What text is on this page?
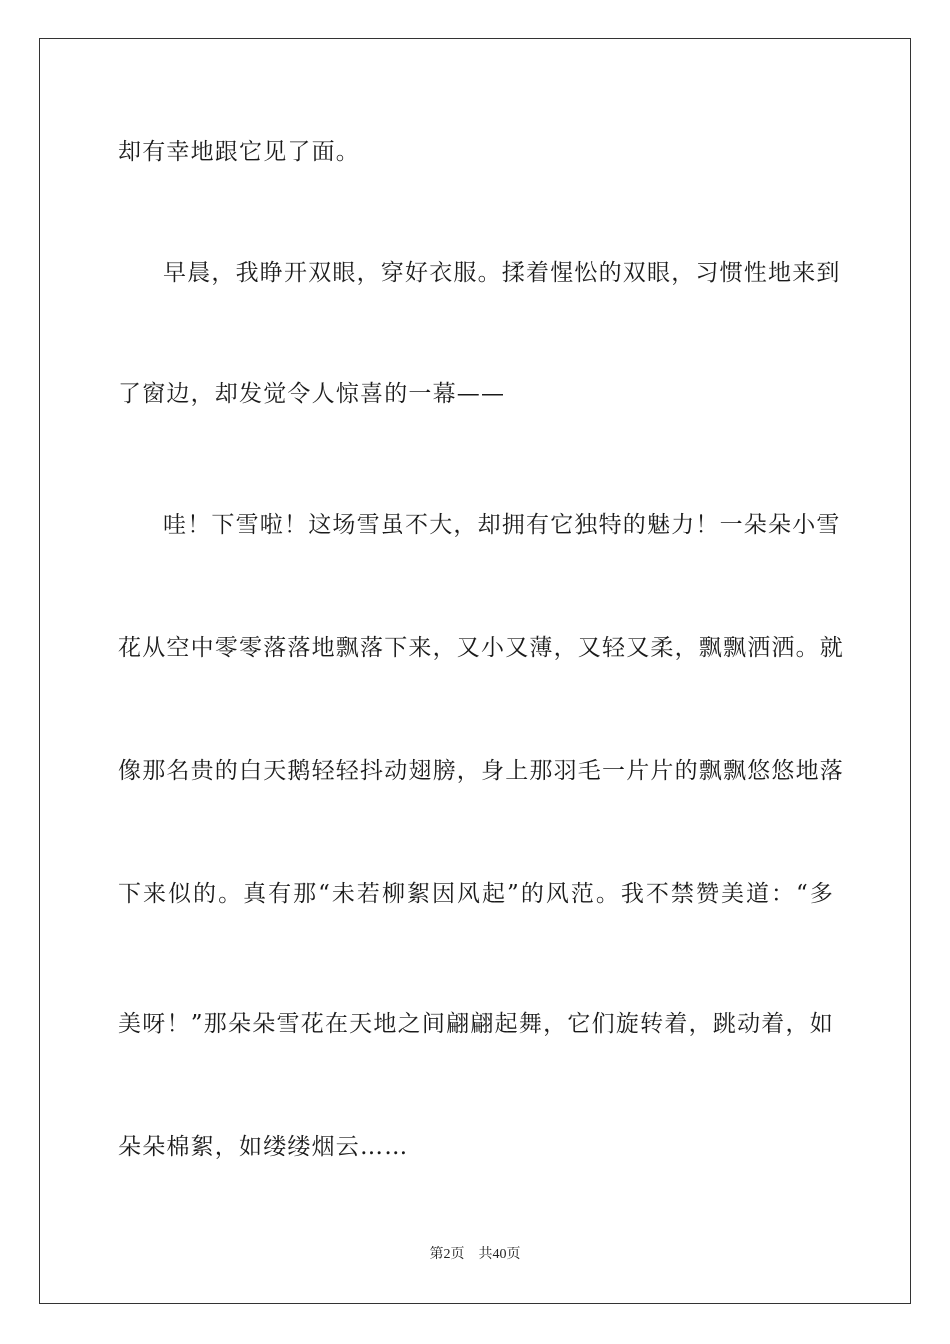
却有幸地跟它见了面。
早晨，我睁开双眼，穿好衣服。揉着惺忪的双眼，习惯性地来到
了窗边，却发觉令人惊喜的一幕——
哇！下雪啦！这场雪虽不大，却拥有它独特的魅力！一朵朵小雪
花从空中零零落落地飘落下来，又小又薄，又轻又柔，飘飘洒洒。就
像那名贵的白天鹅轻轻抖动翅膀，身上那羽毛一片片的飘飘悠悠地落
下来似的。真有那“未若柳絮因风起”的风范。我不禁赞美道：“多
美呀！”那朵朵雪花在天地之间翩翩起舞，它们旋转着，跳动着，如
朵朵棉絮，如缕缕烟云……
第2页 共40页
